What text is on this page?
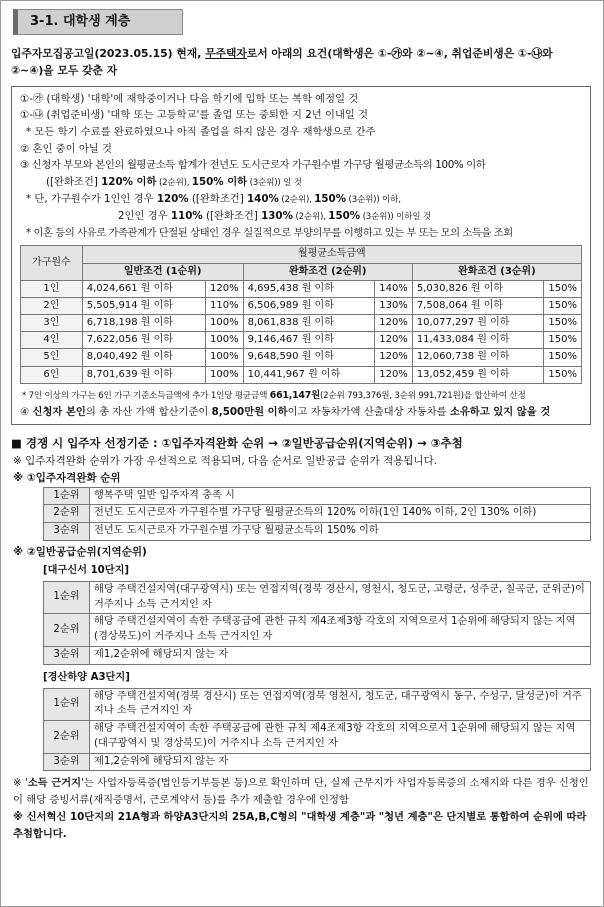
3-1. 대학생 계층
입주자모집공고일(2023.05.15) 현재, 무주택자로서 아래의 요건(대학생은 ①-㉮와 ②~④, 취업준비생은 ①-㉯와 ②~④)을 모두 갖춘 자
①-㉮ (대학생) '대학'에 재학중이거나 다음 학기에 입학 또는 복학 예정일 것
①-㉯ (취업준비생) '대학 또는 고등학교'를 졸업 또는 중퇴한 지 2년 이내일 것
* 모든 학기 수료를 완료하였으나 아직 졸업을 하지 않은 경우 재학생으로 간주
② 혼인 중이 아닐 것
③ 신청자 부모와 본인의 월평균소득 합계가 전년도 도시근로자 가구원수별 가구당 월평균소득의 100% 이하
([완화조건] 120% 이하 (2순위), 150% 이하 (3순위)) 일 것
* 단, 가구원수가 1인인 경우 120% ([완화조건] 140% (2순위), 150% (3순위)) 이하,
2인인 경우 110% ([완화조건] 130% (2순위), 150% (3순위)) 이하일 것
* 이혼 등의 사유로 가족관계가 단절된 상태인 경우 실질적으로 부양의무를 이행하고 있는 부 또는 모의 소득을 조회
가구원수	월평균소득금액					
	일반조건 (1순위)		완화조건 (2순위)		완화조건 (3순위)	
1인	4,024,661 원 이하	120%	4,695,438 원 이하	140%	5,030,826 원 이하	150%
2인	5,505,914 원 이하	110%	6,506,989 원 이하	130%	7,508,064 원 이하	150%
3인	6,718,198 원 이하	100%	8,061,838 원 이하	120%	10,077,297 원 이하	150%
4인	7,622,056 원 이하	100%	9,146,467 원 이하	120%	11,433,084 원 이하	150%
5인	8,040,492 원 이하	100%	9,648,590 원 이하	120%	12,060,738 원 이하	150%
6인	8,701,639 원 이하	100%	10,441,967 원 이하	120%	13,052,459 원 이하	150%
* 7인 이상의 가구는 6인 가구 기준소득금액에 추가 1인당 평균금액 661,147원(2순위 793,376원, 3순위 991,721원)을 합산하여 산정
④ 신청자 본인의 총 자산 가액 합산기준이 8,500만원 이하이고 자동차가액 산출대상 자동차를 소유하고 있지 않을 것
■ 경쟁 시 입주자 선정기준 : ①입주자격완화 순위 → ②일반공급순위(지역순위) → ③추첨
※ 입주자격완화 순위가 가장 우선적으로 적용되며, 다음 순서로 일반공급 순위가 적용됩니다.
※ ①입주자격완화 순위
1순위	행복주택 일반 입주자격 충족 시
2순위	전년도 도시근로자 가구원수별 가구당 월평균소득의 120% 이하(1인 140% 이하, 2인 130% 이하)
3순위	전년도 도시근로자 가구원수별 가구당 월평균소득의 150% 이하
※ ②일반공급순위(지역순위)
[대구신서 10단지]
1순위	해당 주택건설지역(대구광역시) 또는 연접지역(경북 경산시, 영천시, 청도군, 고령군, 성주군, 칠곡군, 군위군)이 거주지나 소득 근거지인 자
2순위	해당 주택건설지역이 속한 주택공급에 관한 규칙 제4조제3항 각호의 지역으로서 1순위에 해당되지 않는 지역(경상북도)이 거주지나 소득 근거지인 자
3순위	제1,2순위에 해당되지 않는 자
[경산하양 A3단지]
1순위	해당 주택건설지역(경북 경산시) 또는 연접지역(경북 영천시, 청도군, 대구광역시 동구, 수성구, 달성군)이 거주지나 소득 근거지인 자
2순위	해당 주택건설지역이 속한 주택공급에 관한 규칙 제4조제3항 각호의 지역으로서 1순위에 해당되지 않는 지역(대구광역시 및 경상북도)이 거주지나 소득 근거지인 자
3순위	제1,2순위에 해당되지 않는 자
※ '소득 근거지'는 사업자등록증(법인등기부등본 등)으로 확인하며 단, 실제 근무지가 사업자등록증의 소재지와 다른 경우 신청인이 해당 증빙서류(재직증명서, 근로계약서 등)를 추가 제출할 경우에 인정함
※ 신서혁신 10단지의 21A형과 하양A3단지의 25A,B,C형의 "대학생 계층"과 "청년 계층"은 단지별로 통합하여 순위에 따라 추첨합니다.
